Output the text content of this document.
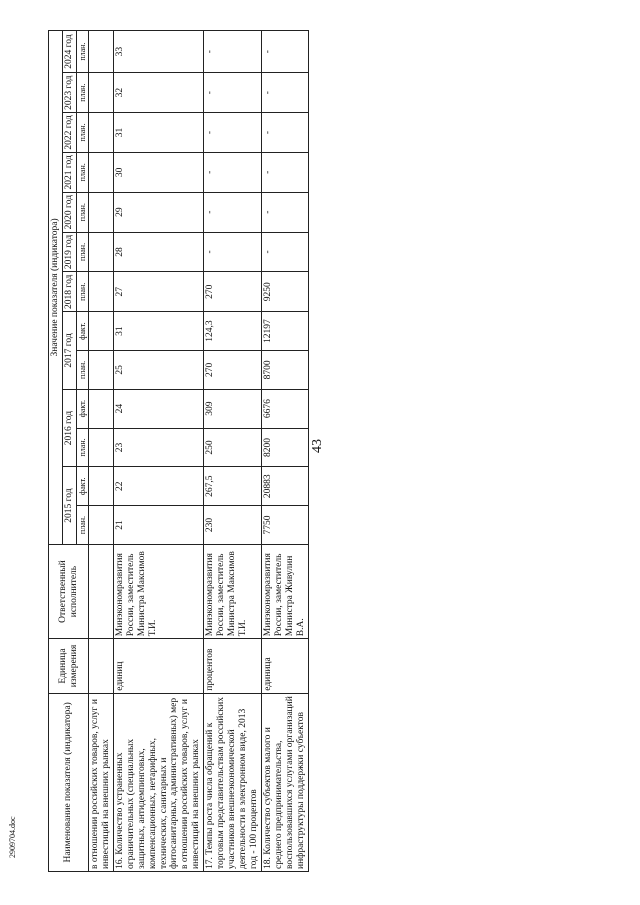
43
2909704.doc	Наименование показателя (индикатора)	Единица измерения	Ответственный исполнитель	Значение показателя (индикатора)												
			2015 год		2016 год		2017 год		2018 год	2019 год	2020 год	2021 год	2022 год	2023 год	2024 год
			план.	факт.	план.	факт.	план.	факт.	план.	план.	план.	план.	план.	план.	план.
в отношении российских товаров, услуг и инвестиций на внешних рынках															
16. Количество устраненных ограничительных (специальных защитных, антидемпинговых, компенсационных, нетарифных, технических, санитарных и фитосанитарных, административных) мер в отношении российских товаров, услуг и инвестиций на внешних рынках	единиц	Минэкономразвития России, заместитель Министра Максимов Т.И.	21	22	23	24	25	31	27	28	29	30	31	32	33
17. Темпы роста числа обращений к торговым представительствам российских участников внешнеэкономической деятельности в электронном виде, 2013 год - 100 процентов	процентов	Минэкономразвития России, заместитель Министра Максимов Т.И.	230	267,5	250	309	270	124,3	270	-	-	-	-	-	-
18. Количество субъектов малого и среднего предпринимательства, воспользовавшихся услугами организаций инфраструктуры поддержки субъектов	единица	Минэкономразвития России, заместитель Министра Живулин В.А.	7750	20883	8200	6676	8700	12197	9250	-	-	-	-	-	-
